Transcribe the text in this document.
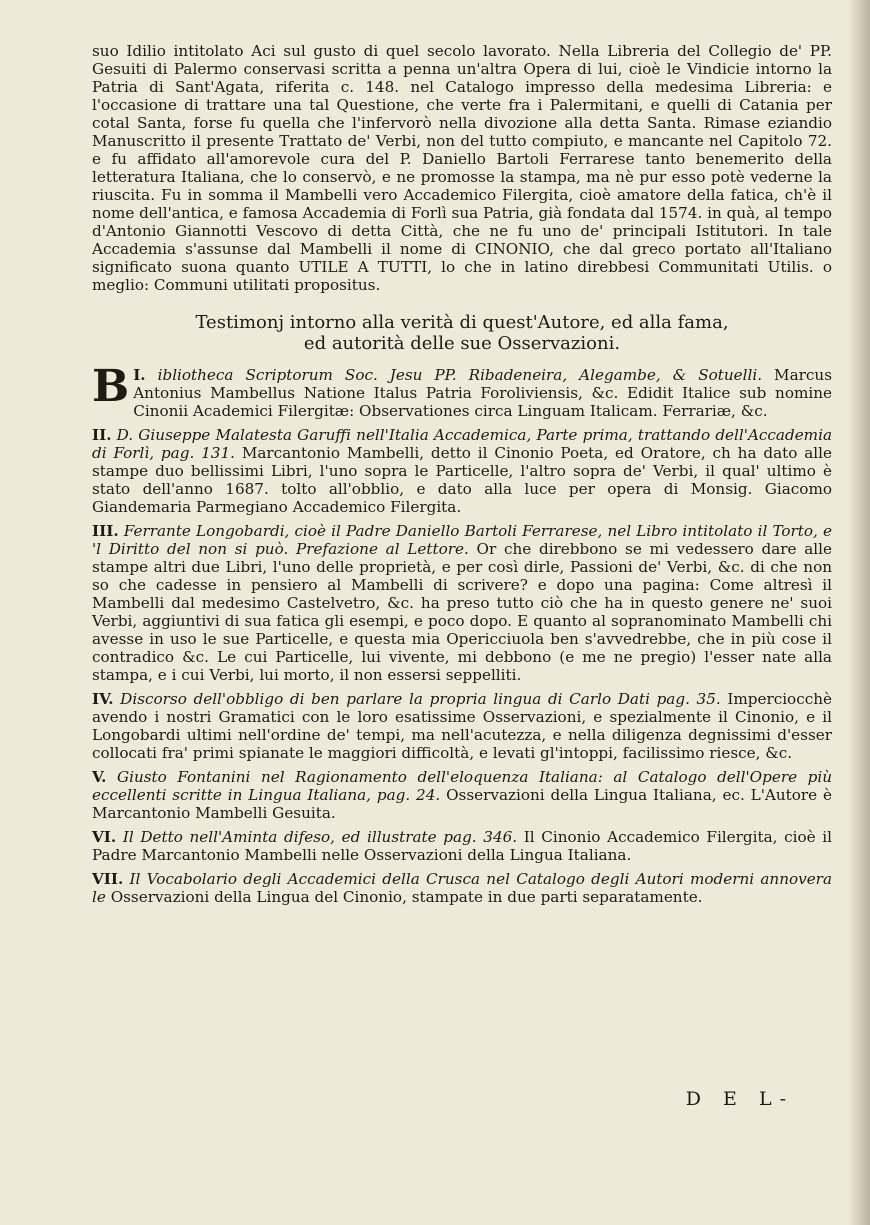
suo Idilio intitolato Aci sul gusto di quel secolo lavorato. Nella Libreria del Collegio de' PP. Gesuiti di Palermo conservasi scritta a penna un'altra Opera di lui, cioè le Vindicie intorno la Patria di Sant'Agata, riferita c. 148. nel Catalogo impresso della medesima Libreria: e l'occasione di trattare una tal Questione, che verte fra i Palermitani, e quelli di Catania per cotal Santa, forse fu quella che l'infervorò nella divozione alla detta Santa. Rimase eziandio Manuscritto il presente Trattato de' Verbi, non del tutto compiuto, e mancante nel Capitolo 72. e fu affidato all'amorevole cura del P. Daniello Bartoli Ferrarese tanto benemerito della letteratura Italiana, che lo conservò, e ne promosse la stampa, ma nè pur esso potè vederne la riuscita. Fu in somma il Mambelli vero Accademico Filergita, cioè amatore della fatica, ch'è il nome dell'antica, e famosa Accademia di Forlì sua Patria, già fondata dal 1574. in quà, al tempo d'Antonio Giannotti Vescovo di detta Città, che ne fu uno de' principali Istitutori. In tale Accademia s'assunse dal Mambelli il nome di CINONIO, che dal greco portato all'Italiano significato suona quanto UTILE A TUTTI, lo che in latino direbbesi Communitati Utilis. o meglio: Communi utilitati propositus.

Testimonj intorno alla verità di quest'Autore, ed alla fama,
ed autorità delle sue Osservazioni.

I.
B ibliotheca Scriptorum Soc. Jesu PP. Ribadeneira, Alegambe, & Sotuelli. Marcus Antonius Mambellus Natione Italus Patria Foroliviensis, &c. Edidit Italice sub nomine Cinonii Academici Filergitæ: Observationes circa Linguam Italicam. Ferrariæ, &c.

II. D. Giuseppe Malatesta Garuffi nell'Italia Accademica, Parte prima, trattando dell'Accademia di Forlì, pag. 131. Marcantonio Mambelli, detto il Cinonio Poeta, ed Oratore, ch ha dato alle stampe duo bellissimi Libri, l'uno sopra le Particelle, l'altro sopra de' Verbi, il qual' ultimo è stato dell'anno 1687. tolto all'obblio, e dato alla luce per opera di Monsig. Giacomo Giandemaria Parmegiano Accademico Filergita.

III. Ferrante Longobardi, cioè il Padre Daniello Bartoli Ferrarese, nel Libro intitolato il Torto, e 'l Diritto del non si può. Prefazione al Lettore. Or che direbbono se mi vedessero dare alle stampe altri due Libri, l'uno delle proprietà, e per così dirle, Passioni de' Verbi, &c. di che non so che cadesse in pensiero al Mambelli di scrivere? e dopo una pagina: Come altresì il Mambelli dal medesimo Castelvetro, &c. ha preso tutto ciò che ha in questo genere ne' suoi Verbi, aggiuntivi di sua fatica gli esempi, e poco dopo. E quanto al sopranominato Mambelli chi avesse in uso le sue Particelle, e questa mia Opericciuola ben s'avvedrebbe, che in più cose il contradico &c. Le cui Particelle, lui vivente, mi debbono (e me ne pregio) l'esser nate alla stampa, e i cui Verbi, lui morto, il non essersi seppelliti.

IV. Discorso dell'obbligo di ben parlare la propria lingua di Carlo Dati pag. 35. Imperciocchè avendo i nostri Gramatici con le loro esatissime Osservazioni, e spezialmente il Cinonio, e il Longobardi ultimi nell'ordine de' tempi, ma nell'acutezza, e nella diligenza degnissimi d'esser collocati fra' primi spianate le maggiori difficoltà, e levati gl'intoppi, facilissimo riesce, &c.

V. Giusto Fontanini nel Ragionamento dell'eloquenza Italiana: al Catalogo dell'Opere più eccellenti scritte in Lingua Italiana, pag. 24. Osservazioni della Lingua Italiana, ec. L'Autore è Marcantonio Mambelli Gesuita.

VI. Il Detto nell'Aminta difeso, ed illustrate pag. 346. Il Cinonio Accademico Filergita, cioè il Padre Marcantonio Mambelli nelle Osservazioni della Lingua Italiana.

VII. Il Vocabolario degli Accademici della Crusca nel Catalogo degli Autori moderni annovera le Osservazioni della Lingua del Cinonio, stampate in due parti separatamente.

D E L-
